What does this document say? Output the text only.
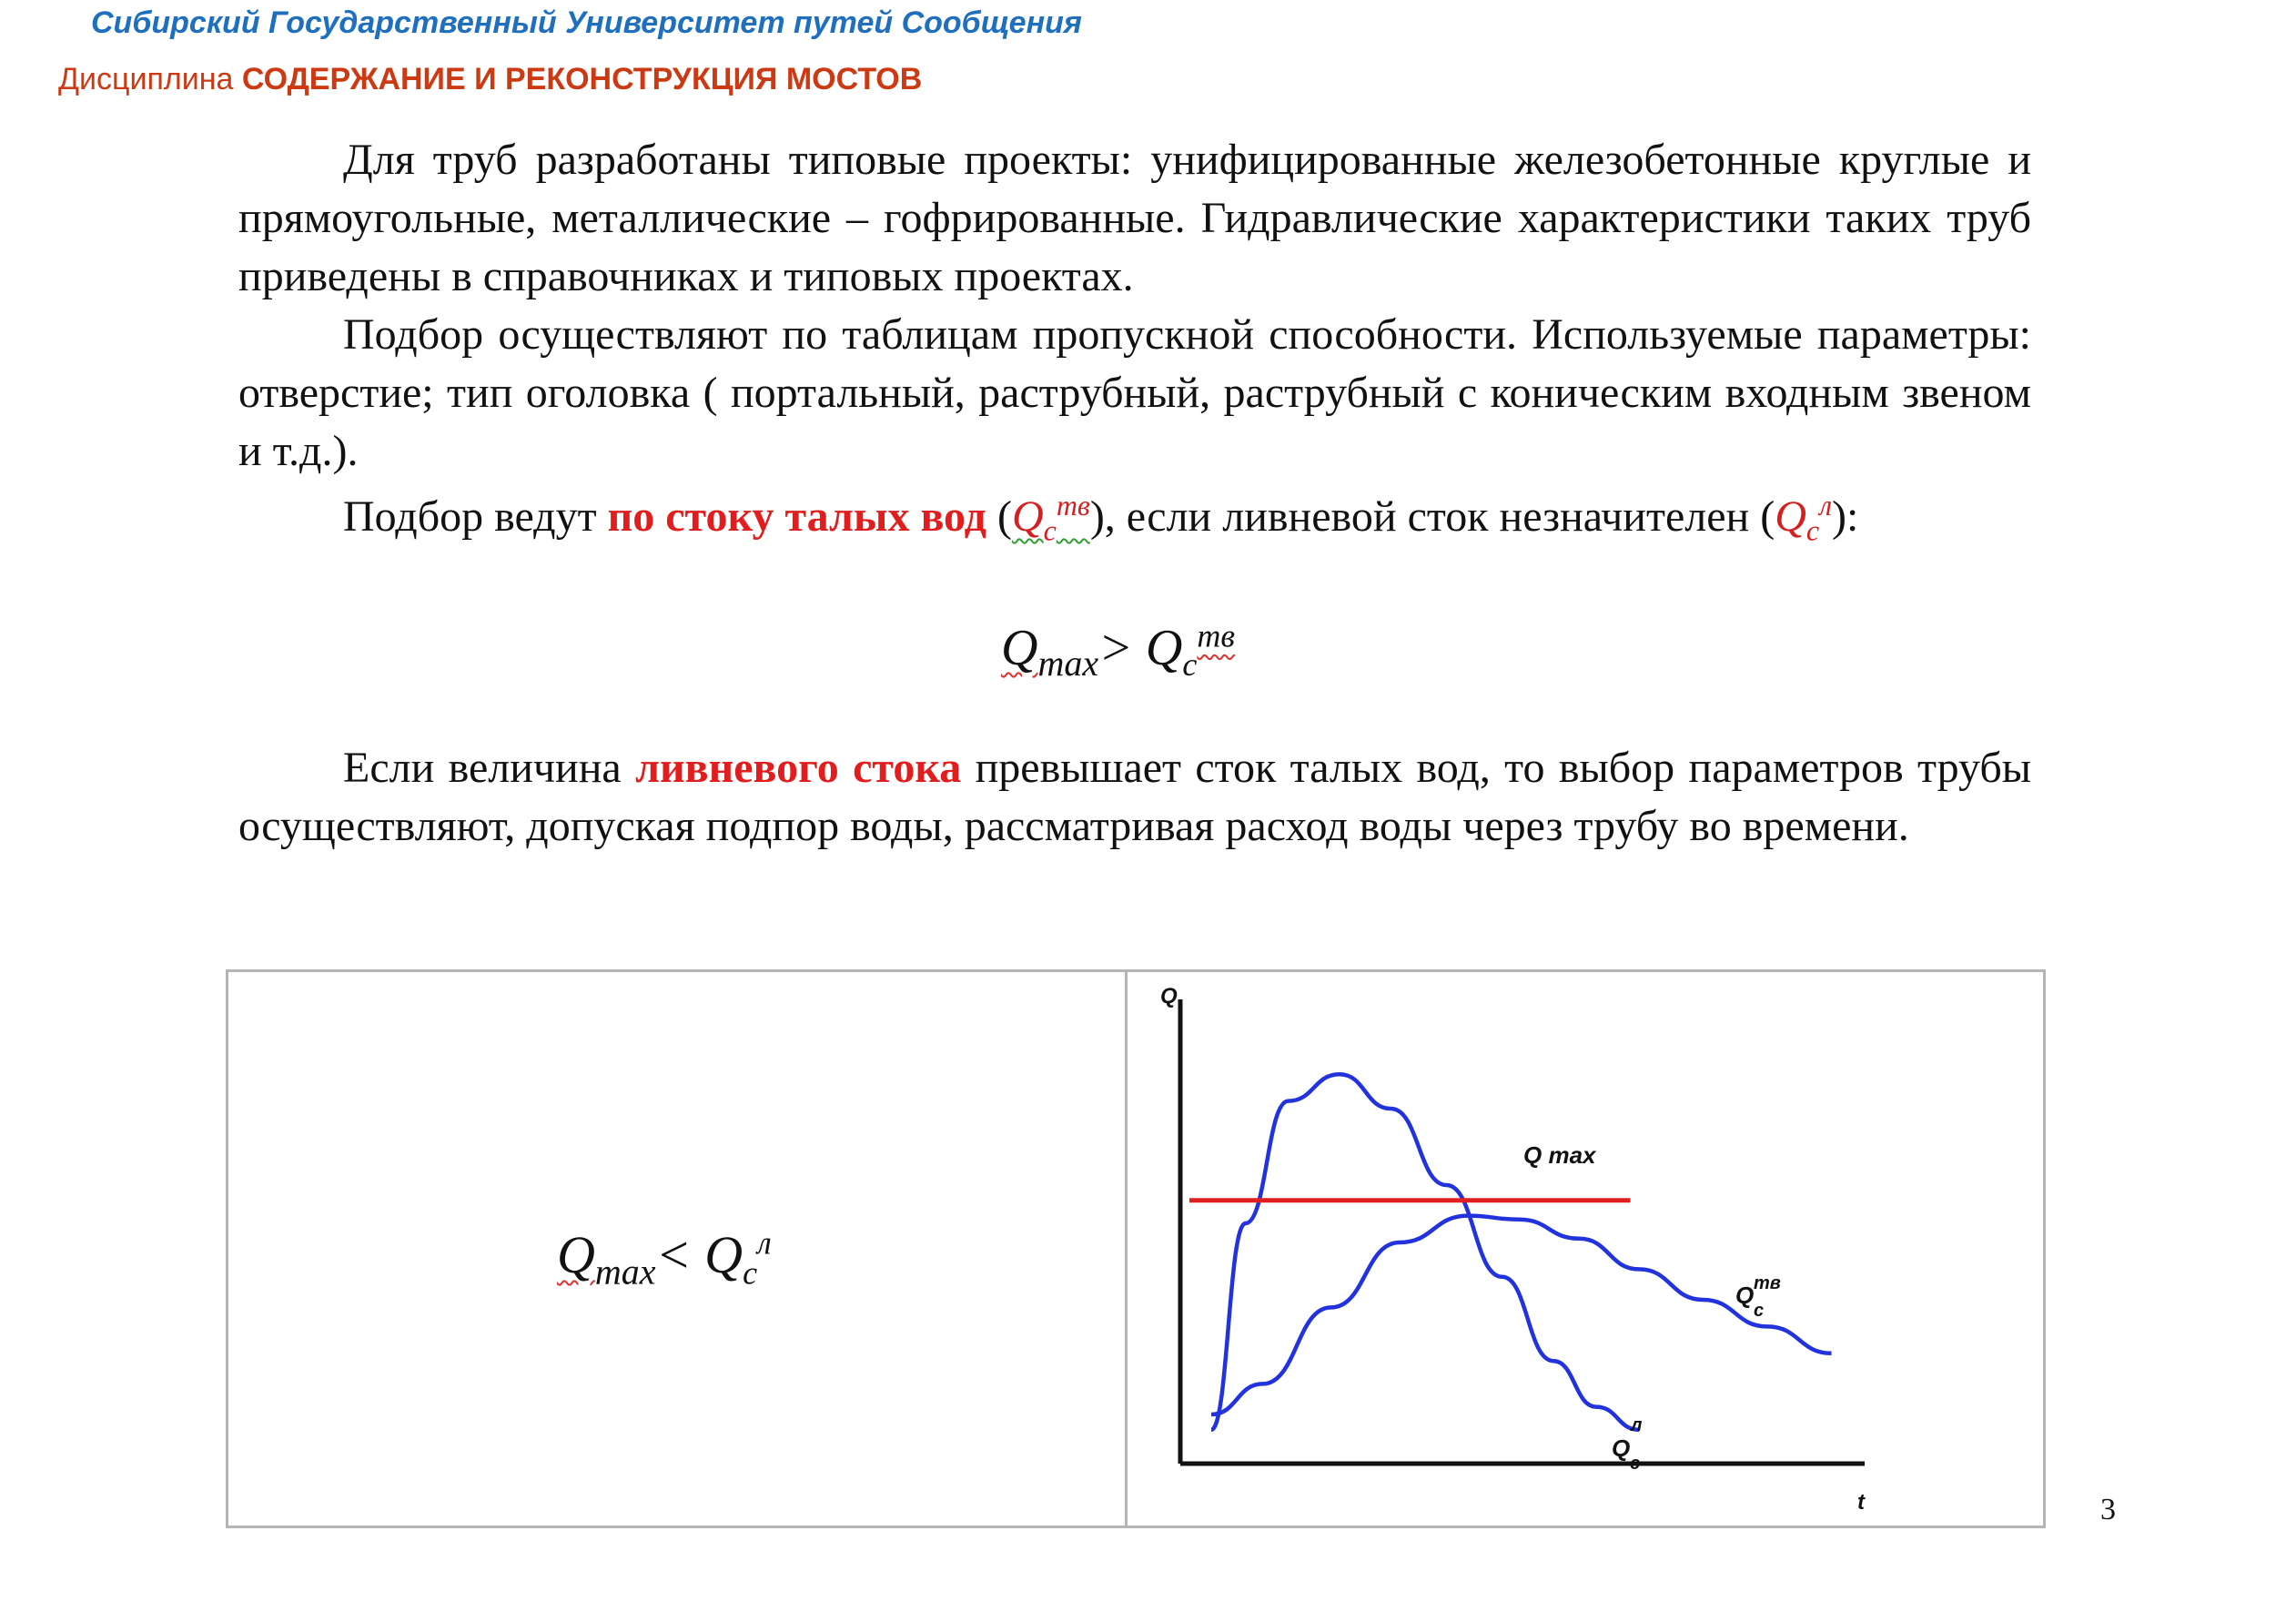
Сибирский Государственный Университет путей Сообщения
Дисциплина СОДЕРЖАНИЕ И РЕКОНСТРУКЦИЯ МОСТОВ

Для труб разработаны типовые проекты: унифицированные железобетонные круглые и прямоугольные, металлические – гофрированные. Гидравлические характеристики таких труб приведены в справочниках и типовых проектах.

Подбор осуществляют по таблицам пропускной способности. Используемые параметры: отверстие; тип оголовка ( портальный, раструбный, раструбный с коническим входным звеном и т.д.).

Подбор ведут по стоку талых вод $(Q_c^{тв})$, если ливневой сток незначителен $(Q_c^л)$:

$Q_{max}> Q_c^{тв}$

Если величина ливневого стока превышает сток талых вод, то выбор параметров трубы осуществляют, допуская подпор воды, рассматривая расход воды через трубу во времени.

$Q_{max}< Q_c^л$
Q
t
Q max
Q
c
тв
Q
c
л
3
